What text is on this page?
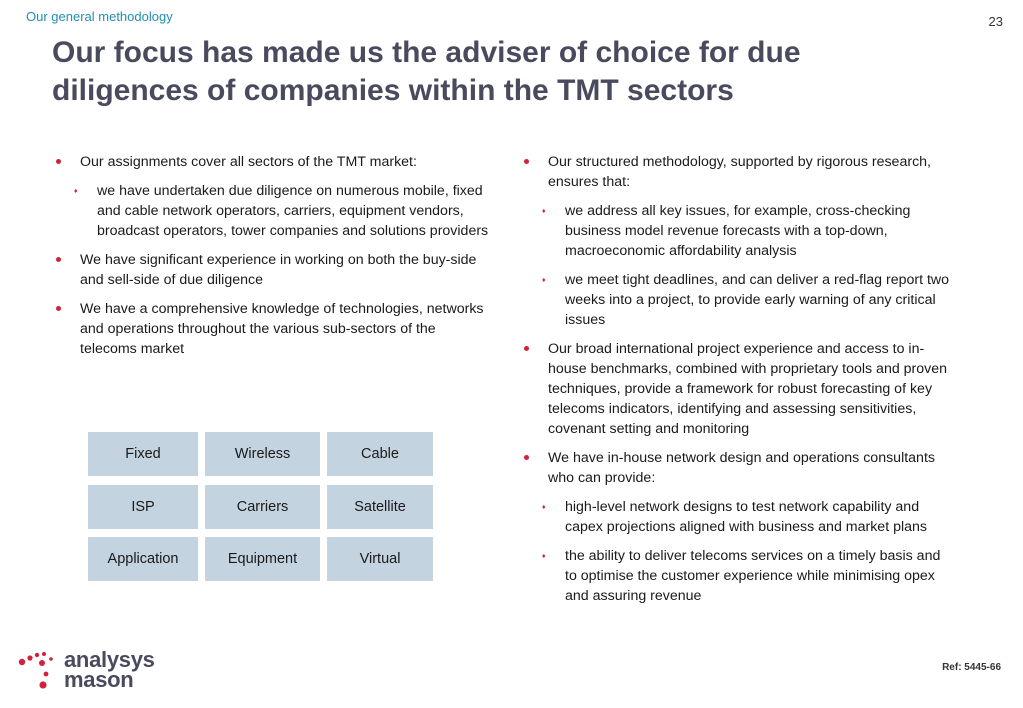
Our general methodology	23
Our focus has made us the adviser of choice for due diligences of companies within the TMT sectors
Our assignments cover all sectors of the TMT market:
♦ we have undertaken due diligence on numerous mobile, fixed and cable network operators, carriers, equipment vendors, broadcast operators, tower companies and solutions providers
We have significant experience in working on both the buy-side and sell-side of due diligence
We have a comprehensive knowledge of technologies, networks and operations throughout the various sub-sectors of the telecoms market
Fixed	Wireless	Cable
ISP	Carriers	Satellite
Application	Equipment	Virtual
Our structured methodology, supported by rigorous research, ensures that:
♦ we address all key issues, for example, cross-checking business model revenue forecasts with a top-down, macroeconomic affordability analysis
♦ we meet tight deadlines, and can deliver a red-flag report two weeks into a project, to provide early warning of any critical issues
Our broad international project experience and access to in-house benchmarks, combined with proprietary tools and proven techniques, provide a framework for robust forecasting of key telecoms indicators, identifying and assessing sensitivities, covenant setting and monitoring
We have in-house network design and operations consultants who can provide:
♦ high-level network designs to test network capability and capex projections aligned with business and market plans
♦ the ability to deliver telecoms services on a timely basis and to optimise the customer experience while minimising opex and assuring revenue
analysys
mason	Ref: 5445-66
